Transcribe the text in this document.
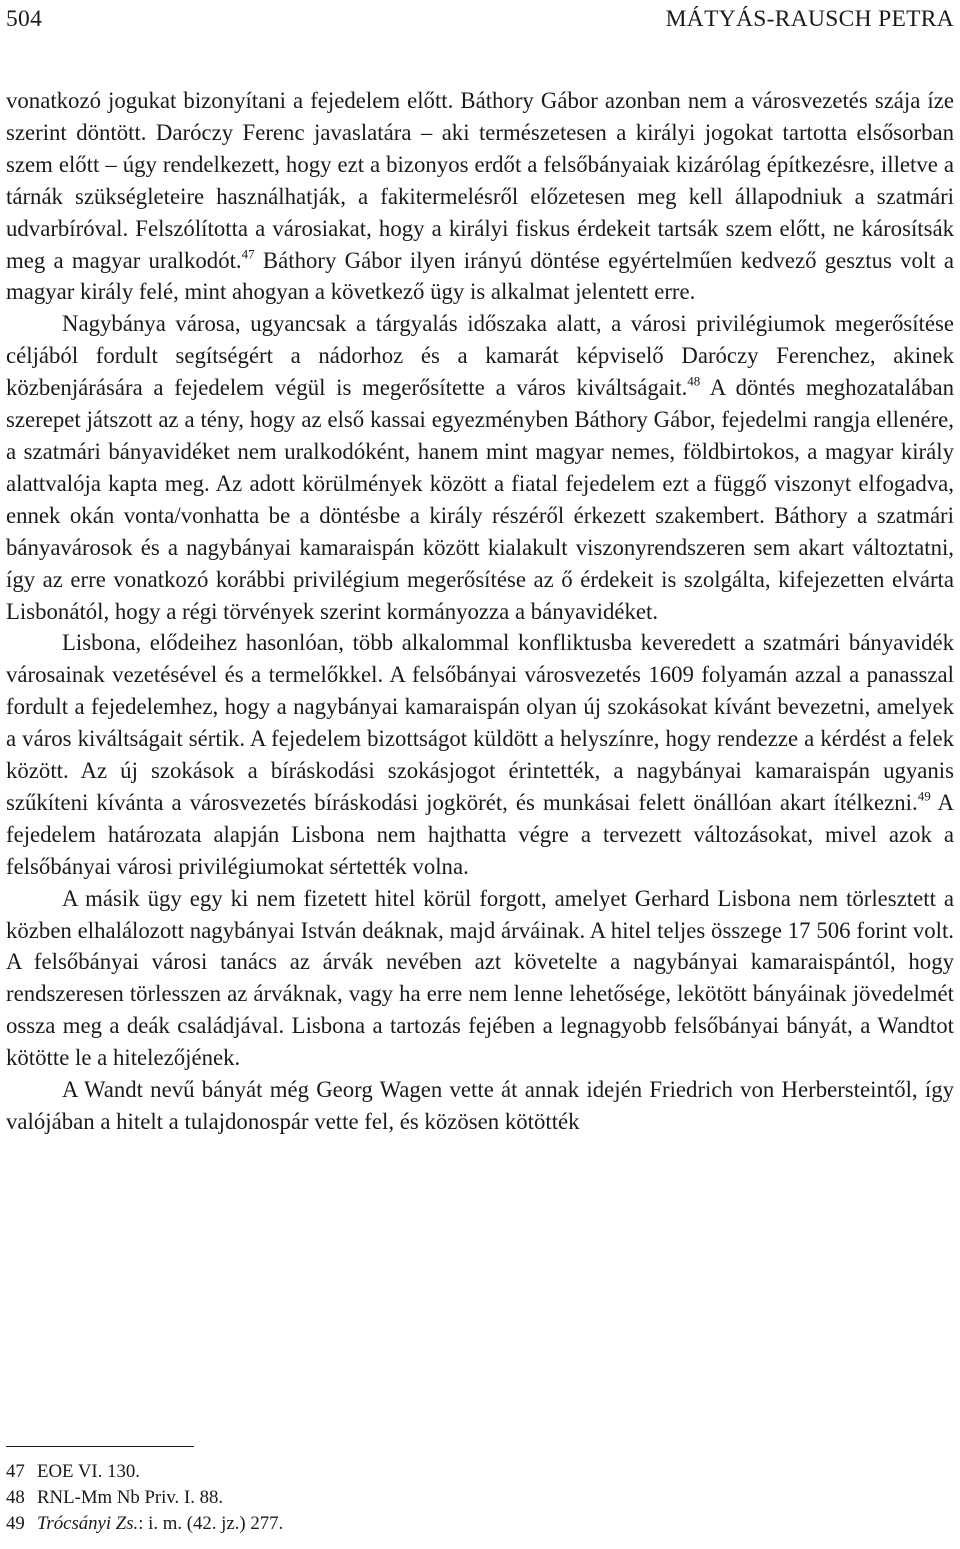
504	MÁTYÁS-RAUSCH PETRA

vonatkozó jogukat bizonyítani a fejedelem előtt. Báthory Gábor azonban nem a városvezetés szája íze szerint döntött. Daróczy Ferenc javaslatára – aki természetesen a királyi jogokat tartotta elsősorban szem előtt – úgy rendelkezett, hogy ezt a bizonyos erdőt a felsőbányaiak kizárólag építkezésre, illetve a tárnák szükségleteire használhatják, a fakitermelésről előzetesen meg kell állapodniuk a szatmári udvarbíróval. Felszólította a városiakat, hogy a királyi fiskus érdekeit tartsák szem előtt, ne károsítsák meg a magyar uralkodót.$^{47}$ Báthory Gábor ilyen irányú döntése egyértelműen kedvező gesztus volt a magyar király felé, mint ahogyan a következő ügy is alkalmat jelentett erre.

Nagybánya városa, ugyancsak a tárgyalás időszaka alatt, a városi privilégiumok megerősítése céljából fordult segítségért a nádorhoz és a kamarát képviselő Daróczy Ferenchez, akinek közbenjárására a fejedelem végül is megerősítette a város kiváltságait.$^{48}$ A döntés meghozatalában szerepet játszott az a tény, hogy az első kassai egyezményben Báthory Gábor, fejedelmi rangja ellenére, a szatmári bányavidéket nem uralkodóként, hanem mint magyar nemes, földbirtokos, a magyar király alattvalója kapta meg. Az adott körülmények között a fiatal fejedelem ezt a függő viszonyt elfogadva, ennek okán vonta/vonhatta be a döntésbe a király részéről érkezett szakembert. Báthory a szatmári bányavárosok és a nagybányai kamaraispán között kialakult viszonyrendszeren sem akart változtatni, így az erre vonatkozó korábbi privilégium megerősítése az ő érdekeit is szolgálta, kifejezetten elvárta Lisbonától, hogy a régi törvények szerint kormányozza a bányavidéket.

Lisbona, elődeihez hasonlóan, több alkalommal konfliktusba keveredett a szatmári bányavidék városainak vezetésével és a termelőkkel. A felsőbányai városvezetés 1609 folyamán azzal a panasszal fordult a fejedelemhez, hogy a nagybányai kamaraispán olyan új szokásokat kívánt bevezetni, amelyek a város kiváltságait sértik. A fejedelem bizottságot küldött a helyszínre, hogy rendezze a kérdést a felek között. Az új szokások a bíráskodási szokásjogot érintették, a nagybányai kamaraispán ugyanis szűkíteni kívánta a városvezetés bíráskodási jogkörét, és munkásai felett önállóan akart ítélkezni.$^{49}$ A fejedelem határozata alapján Lisbona nem hajthatta végre a tervezett változásokat, mivel azok a felsőbányai városi privilégiumokat sértették volna.

A másik ügy egy ki nem fizetett hitel körül forgott, amelyet Gerhard Lisbona nem törlesztett a közben elhalálozott nagybányai István deáknak, majd árváinak. A hitel teljes összege 17 506 forint volt. A felsőbányai városi tanács az árvák nevében azt követelte a nagybányai kamaraispántól, hogy rendszeresen törlesszen az árváknak, vagy ha erre nem lenne lehetősége, lekötött bányáinak jövedelmét ossza meg a deák családjával. Lisbona a tartozás fejében a legnagyobb felsőbányai bányát, a Wandtot kötötte le a hitelezőjének.

A Wandt nevű bányát még Georg Wagen vette át annak idején Friedrich von Herbersteintől, így valójában a hitelt a tulajdonospár vette fel, és közösen kötötték

47 EOE VI. 130.
48 RNL-Mm Nb Priv. I. 88.
49 Trócsányi Zs.: i. m. (42. jz.) 277.
